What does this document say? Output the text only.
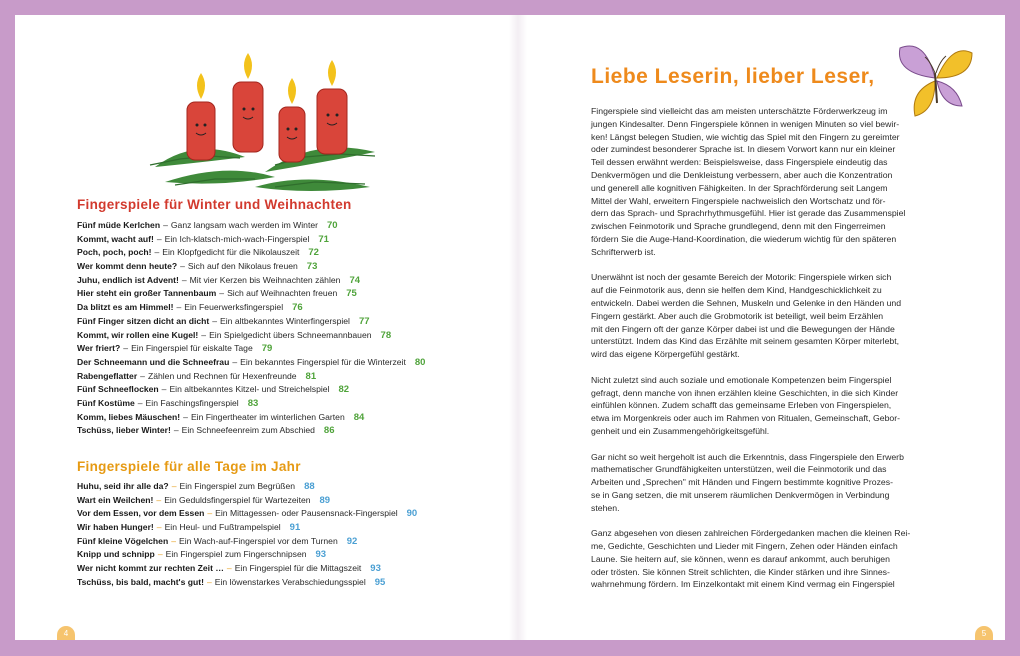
Fingerspiele für Winter und Weihnachten
Fünf müde Kerlchen – Ganz langsam wach werden im Winter 70
Kommt, wacht auf! – Ein Ich-klatsch-mich-wach-Fingerspiel 71
Poch, poch, poch! – Ein Klopfgedicht für die Nikolauszeit 72
Wer kommt denn heute? – Sich auf den Nikolaus freuen 73
Juhu, endlich ist Advent! – Mit vier Kerzen bis Weihnachten zählen 74
Hier steht ein großer Tannenbaum – Sich auf Weihnachten freuen 75
Da blitzt es am Himmel! – Ein Feuerwerksfingerspiel 76
Fünf Finger sitzen dicht an dicht – Ein altbekanntes Winterfingerspiel 77
Kommt, wir rollen eine Kugel! – Ein Spielgedicht übers Schneemannbauen 78
Wer friert? – Ein Fingerspiel für eiskalte Tage 79
Der Schneemann und die Schneefrau – Ein bekanntes Fingerspiel für die Winterzeit 80
Rabengeflatter – Zählen und Rechnen für Hexenfreunde 81
Fünf Schneeflocken – Ein altbekanntes Kitzel- und Streichelspiel 82
Fünf Kostüme – Ein Faschingsfingerspiel 83
Komm, liebes Mäuschen! – Ein Fingertheater im winterlichen Garten 84
Tschüss, lieber Winter! – Ein Schneefeenreim zum Abschied 86
Fingerspiele für alle Tage im Jahr
Huhu, seid ihr alle da? – Ein Fingerspiel zum Begrüßen 88
Wart ein Weilchen! – Ein Geduldsfingerspiel für Wartezeiten 89
Vor dem Essen, vor dem Essen – Ein Mittagessen- oder Pausensnack-Fingerspiel 90
Wir haben Hunger! – Ein Heul- und Fußtrampelspiel 91
Fünf kleine Vögelchen – Ein Wach-auf-Fingerspiel vor dem Turnen 92
Knipp und schnipp – Ein Fingerspiel zum Fingerschnipsen 93
Wer nicht kommt zur rechten Zeit … – Ein Fingerspiel für die Mittagszeit 93
Tschüss, bis bald, macht's gut! – Ein löwenstarkes Verabschiedungsspiel 95
Liebe Leserin, lieber Leser,

Fingerspiele sind vielleicht das am meisten unterschätzte Förderwerkzeug im
jungen Kindesalter. Denn Fingerspiele können in wenigen Minuten so viel bewir-
ken! Längst belegen Studien, wie wichtig das Spiel mit den Fingern zu gereimter
oder zumindest besonderer Sprache ist. In diesem Vorwort kann nur ein kleiner
Teil dessen erwähnt werden: Beispielsweise, dass Fingerspiele eindeutig das
Denkvermögen und die Denkleistung verbessern, aber auch die Konzentration
und generell alle kognitiven Fähigkeiten. In der Sprachförderung seit Langem
Mittel der Wahl, erweitern Fingerspiele nachweislich den Wortschatz und för-
dern das Sprach- und Sprachrhythmusgefühl. Hier ist gerade das Zusammenspiel
zwischen Feinmotorik und Sprache grundlegend, denn mit den Fingerreimen
fördern Sie die Auge-Hand-Koordination, die wiederum wichtig für den späteren
Schrifterwerb ist.

Unerwähnt ist noch der gesamte Bereich der Motorik: Fingerspiele wirken sich
auf die Feinmotorik aus, denn sie helfen dem Kind, Handgeschicklichkeit zu
entwickeln. Dabei werden die Sehnen, Muskeln und Gelenke in den Händen und
Fingern gestärkt. Aber auch die Grobmotorik ist beteiligt, weil beim Erzählen
mit den Fingern oft der ganze Körper dabei ist und die Bewegungen der Hände
unterstützt. Indem das Kind das Erzählte mit seinem gesamten Körper miterlebt,
wird das eigene Körpergefühl gestärkt.

Nicht zuletzt sind auch soziale und emotionale Kompetenzen beim Fingerspiel
gefragt, denn manche von ihnen erzählen kleine Geschichten, in die sich Kinder
einfühlen können. Zudem schafft das gemeinsame Erleben von Fingerspielen,
etwa im Morgenkreis oder auch im Rahmen von Ritualen, Gemeinschaft, Gebor-
genheit und ein Zusammengehörigkeitsgefühl.

Gar nicht so weit hergeholt ist auch die Erkenntnis, dass Fingerspiele den Erwerb
mathematischer Grundfähigkeiten unterstützen, weil die Feinmotorik und das
Arbeiten und „Sprechen" mit Händen und Fingern bestimmte kognitive Prozes-
se in Gang setzen, die mit unserem räumlichen Denkvermögen in Verbindung
stehen.

Ganz abgesehen von diesen zahlreichen Fördergedanken machen die kleinen Rei-
me, Gedichte, Geschichten und Lieder mit Fingern, Zehen oder Händen einfach
Laune. Sie heitern auf, sie können, wenn es darauf ankommt, auch beruhigen
oder trösten. Sie können Streit schlichten, die Kinder stärken und ihre Sinnes-
wahrnehmung fördern. Im Einzelkontakt mit einem Kind vermag ein Fingerspiel

4	5
